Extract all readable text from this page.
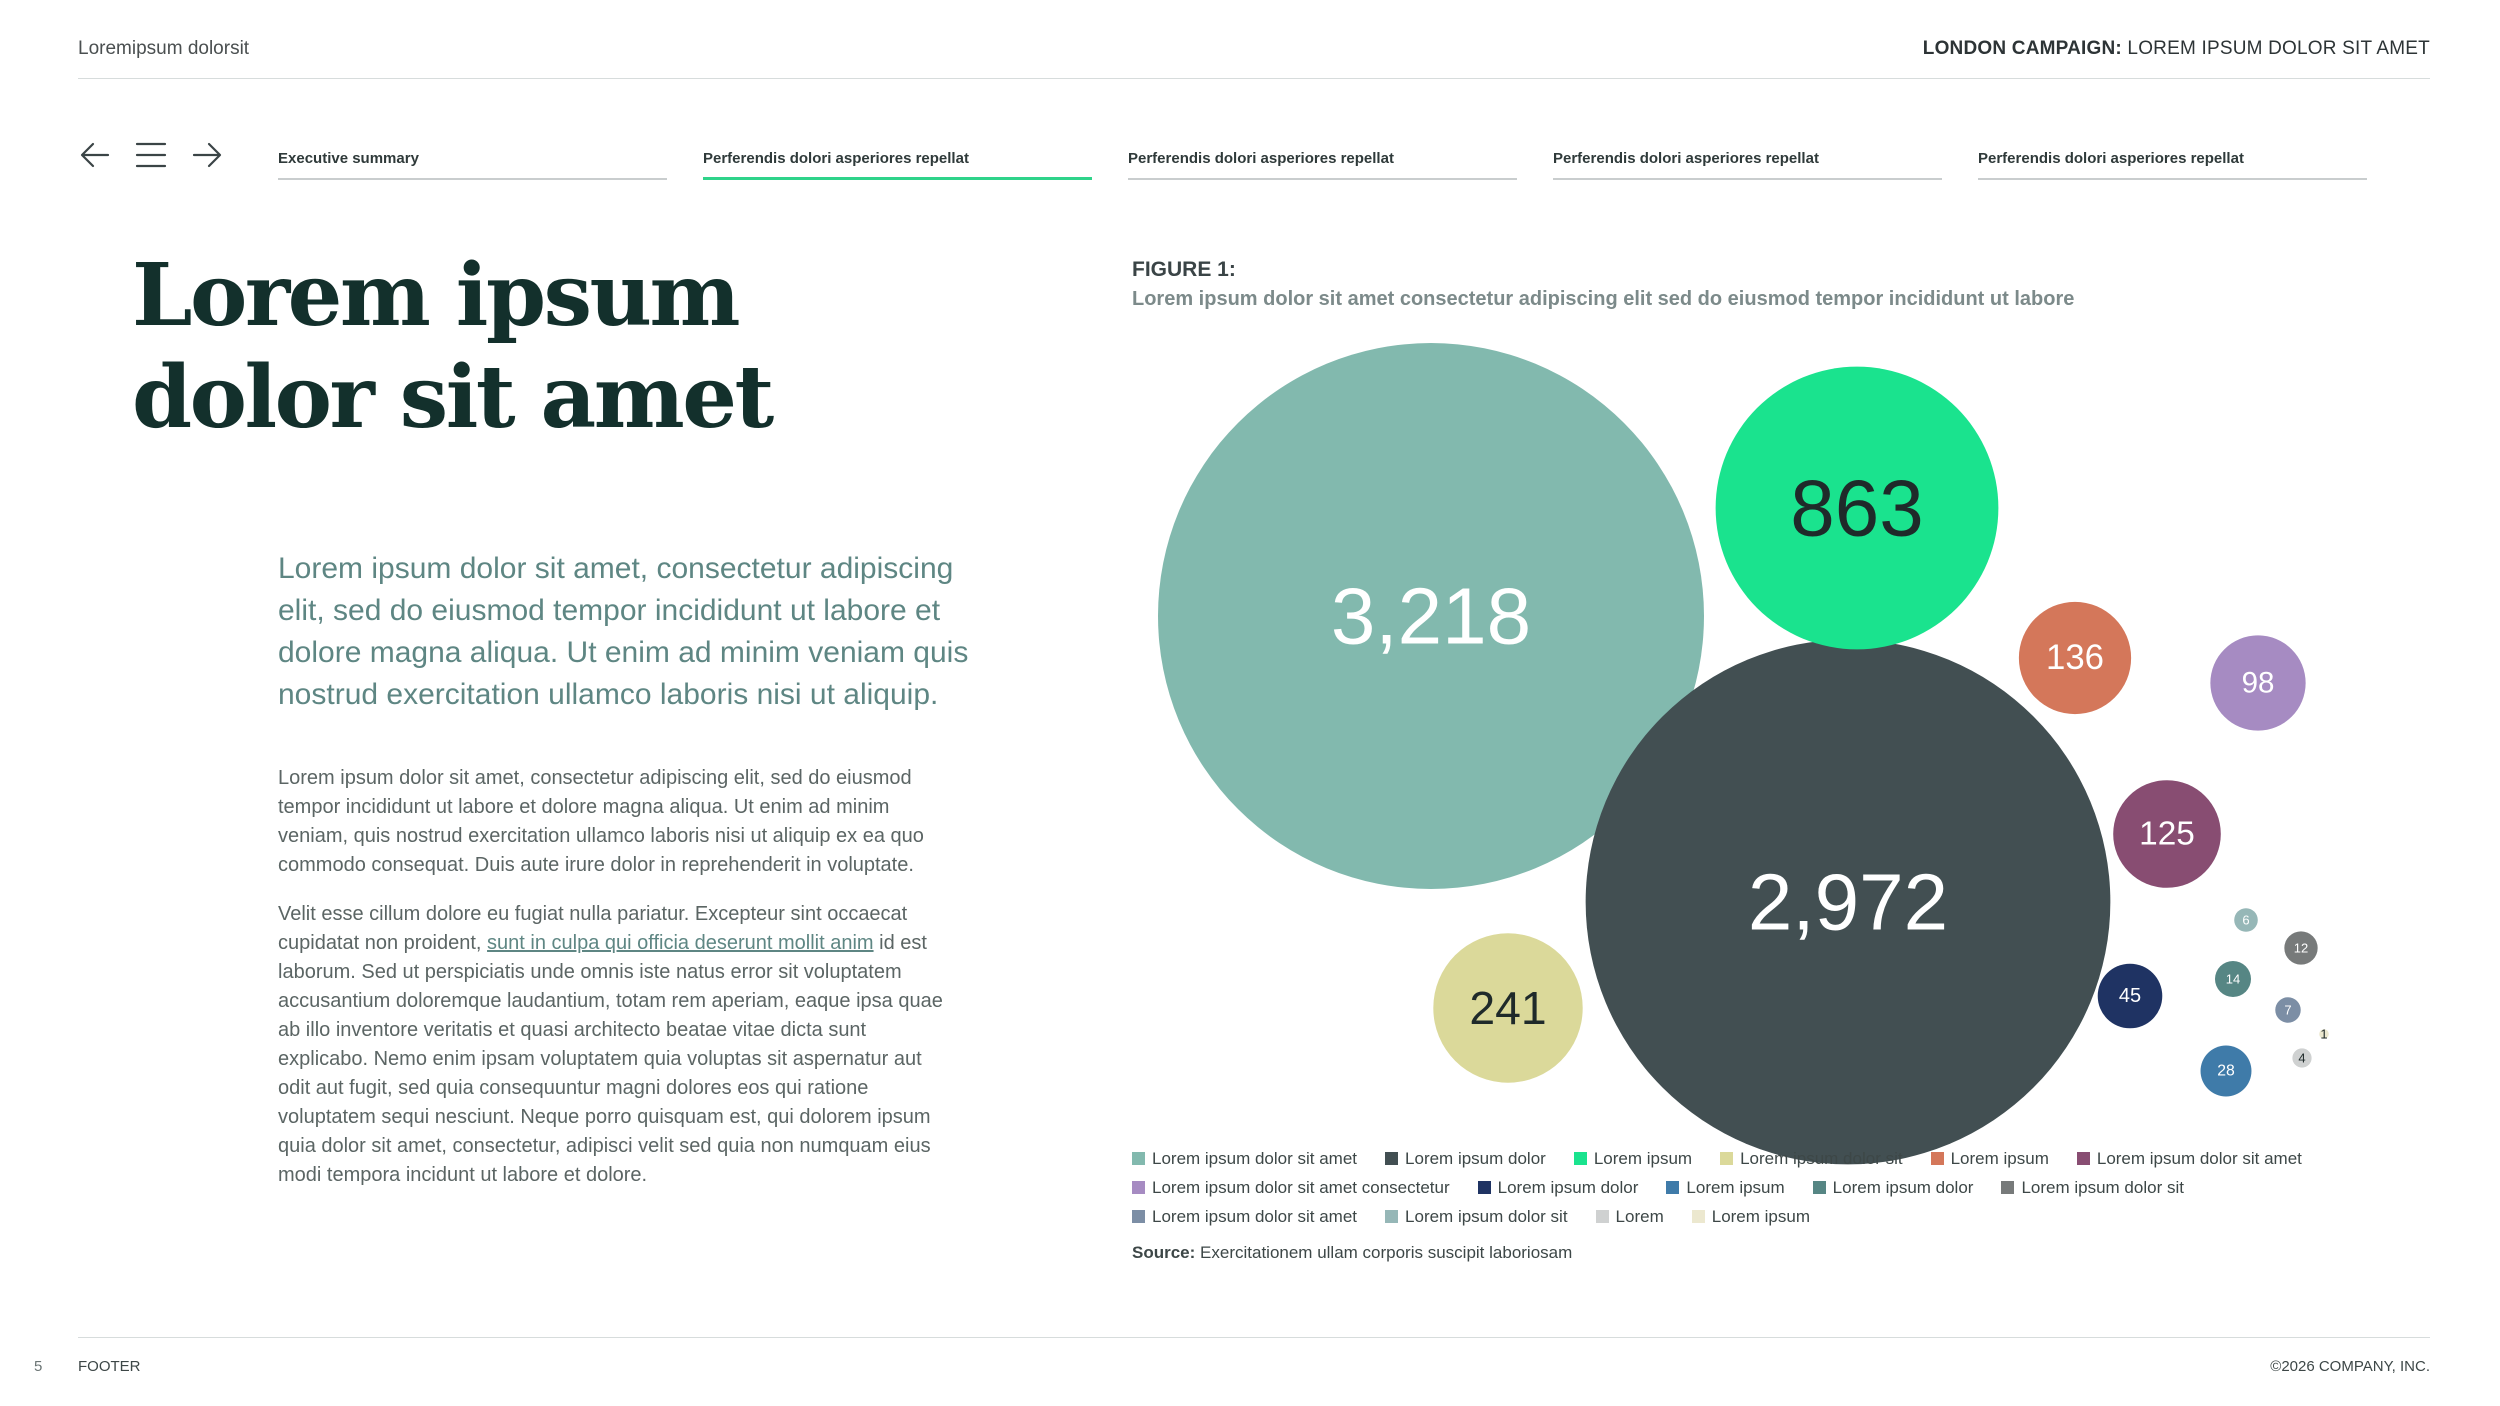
Loremipsum dolorsit	LONDON CAMPAIGN: LOREM IPSUM DOLOR SIT AMET
Executive summary	Perferendis dolori asperiores repellat	Perferendis dolori asperiores repellat	Perferendis dolori asperiores repellat	Perferendis dolori asperiores repellat
Lorem ipsum
dolor sit amet

Lorem ipsum dolor sit amet, consectetur adipiscing elit, sed do eiusmod tempor incididunt ut labore et dolore magna aliqua. Ut enim ad minim veniam quis nostrud exercitation ullamco laboris nisi ut aliquip.

Lorem ipsum dolor sit amet, consectetur adipiscing elit, sed do eiusmod tempor incididunt ut labore et dolore magna aliqua. Ut enim ad minim veniam, quis nostrud exercitation ullamco laboris nisi ut aliquip ex ea quo commodo consequat. Duis aute irure dolor in reprehenderit in voluptate.

Velit esse cillum dolore eu fugiat nulla pariatur. Excepteur sint occaecat cupidatat non proident, sunt in culpa qui officia deserunt mollit anim id est laborum. Sed ut perspiciatis unde omnis iste natus error sit voluptatem accusantium doloremque laudantium, totam rem aperiam, eaque ipsa quae ab illo inventore veritatis et quasi architecto beatae vitae dicta sunt explicabo. Nemo enim ipsam voluptatem quia voluptas sit aspernatur aut odit aut fugit, sed quia consequuntur magni dolores eos qui ratione voluptatem sequi nesciunt. Neque porro quisquam est, qui dolorem ipsum quia dolor sit amet, consectetur, adipisci velit sed quia non numquam eius modi tempora incidunt ut labore et dolore.

FIGURE 1:
Lorem ipsum dolor sit amet consectetur adipiscing elit sed do eiusmod tempor incididunt ut labore
3,218
2,972
863
241
136
125
98
45
28
14
12
7
6
4
1
Lorem ipsum dolor sit amet	Lorem ipsum dolor	Lorem ipsum	Lorem ipsum dolor sit	Lorem ipsum	Lorem ipsum dolor sit amet
Lorem ipsum dolor sit amet consectetur	Lorem ipsum dolor	Lorem ipsum	Lorem ipsum dolor	Lorem ipsum dolor sit
Lorem ipsum dolor sit amet	Lorem ipsum dolor sit	Lorem	Lorem ipsum
Source: Exercitationem ullam corporis suscipit laboriosam
5 FOOTER	©2026 COMPANY, INC.
